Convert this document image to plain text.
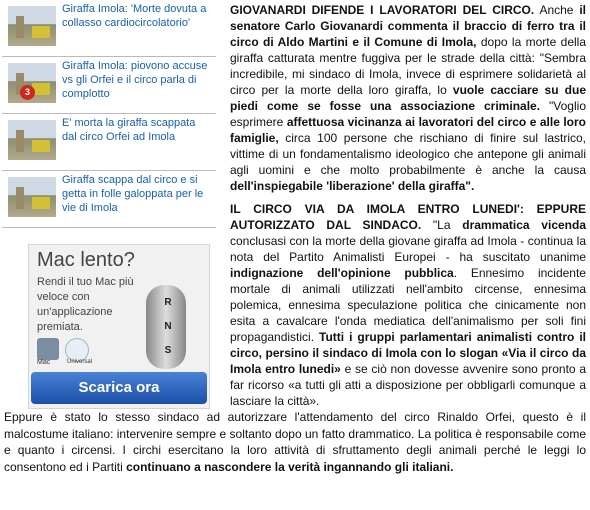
Giraffa Imola: 'Morte dovuta a collasso cardiocircolatorio'
3
Giraffa Imola: piovono accuse vs gli Orfei e il circo parla di complotto
E' morta la giraffa scappata dal circo Orfei ad Imola
Giraffa scappa dal circo e si getta in folle galoppata per le vie di Imola
Mac lento?
Rendi il tuo Mac più veloce con un'applicazione premiata.
Mac	Universal
R
N
S
Scarica ora

GIOVANARDI DIFENDE I LAVORATORI DEL CIRCO. Anche il senatore Carlo Giovanardi commenta il braccio di ferro tra il circo di Aldo Martini e il Comune di Imola, dopo la morte della giraffa catturata mentre fuggiva per le strade della città: "Sembra incredibile, mi sindaco di Imola, invece di esprimere solidarietà al circo per la morte della loro giraffa, lo vuole cacciare su due piedi come se fosse una associazione criminale. "Voglio esprimere affettuosa vicinanza ai lavoratori del circo e alle loro famiglie, circa 100 persone che rischiano di finire sul lastrico, vittime di un fondamentalismo ideologico che antepone gli animali agli uomini e che molto probabilmente è anche la causa dell'inspiegabile 'liberazione' della giraffa".

IL CIRCO VIA DA IMOLA ENTRO LUNEDI': EPPURE AUTORIZZATO DAL SINDACO. "La drammatica vicenda conclusasi con la morte della giovane giraffa ad Imola - continua la nota del Partito Animalisti Europei - ha suscitato unanime indignazione dell'opinione pubblica. Ennesimo incidente mortale di animali utilizzati nell'ambito circense, ennesima polemica, ennesima speculazione politica che cinicamente non esita a cavalcare l'onda mediatica dell'animalismo per soli fini propagandistici. Tutti i gruppi parlamentari animalisti contro il circo, persino il sindaco di Imola con lo slogan «Via il circo da Imola entro lunedi» e se ciò non dovesse avvenire sono pronto a far ricorso «a tutti gli atti a disposizione per obbligarli comunque a lasciare la città».

Eppure è stato lo stesso sindaco ad autorizzare l'attendamento del circo Rinaldo Orfei, questo è il malcostume italiano: intervenire sempre e soltanto dopo un fatto drammatico. La politica è responsabile come e quanto i circensi. I circhi esercitano la loro attività di sfruttamento degli animali perché le leggi lo consentono ed i Partiti continuano a nascondere la verità ingannando gli italiani.
